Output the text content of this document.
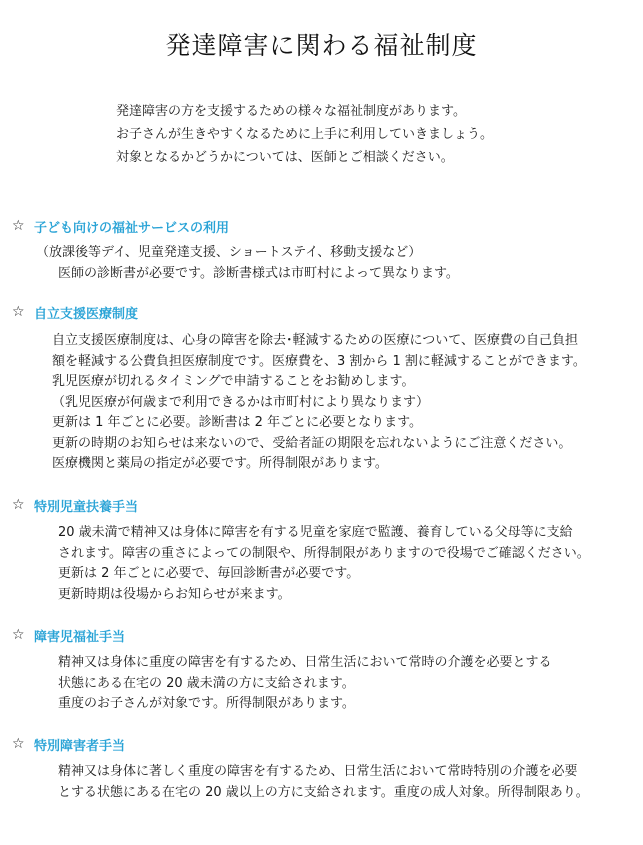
発達障害に関わる福祉制度
発達障害の方を支援するための様々な福祉制度があります。
お子さんが生きやすくなるために上手に利用していきましょう。
対象となるかどうかについては、医師とご相談ください。
☆ 子ども向けの福祉サービスの利用
（放課後等デイ、児童発達支援、ショートステイ、移動支援など）
医師の診断書が必要です。診断書様式は市町村によって異なります。
☆ 自立支援医療制度
自立支援医療制度は、心身の障害を除去･軽減するための医療について、医療費の自己負担
額を軽減する公費負担医療制度です。医療費を、3 割から 1 割に軽減することができます。
乳児医療が切れるタイミングで申請することをお勧めします。
（乳児医療が何歳まで利用できるかは市町村により異なります）
更新は 1 年ごとに必要。診断書は 2 年ごとに必要となります。
更新の時期のお知らせは来ないので、受給者証の期限を忘れないようにご注意ください。
医療機関と薬局の指定が必要です。所得制限があります。
☆ 特別児童扶養手当
20 歳未満で精神又は身体に障害を有する児童を家庭で監護、養育している父母等に支給
されます。障害の重さによっての制限や、所得制限がありますので役場でご確認ください。
更新は 2 年ごとに必要で、毎回診断書が必要です。
更新時期は役場からお知らせが来ます。
☆ 障害児福祉手当
精神又は身体に重度の障害を有するため、日常生活において常時の介護を必要とする
状態にある在宅の 20 歳未満の方に支給されます。
重度のお子さんが対象です。所得制限があります。
☆ 特別障害者手当
精神又は身体に著しく重度の障害を有するため、日常生活において常時特別の介護を必要
とする状態にある在宅の 20 歳以上の方に支給されます。重度の成人対象。所得制限あり。
